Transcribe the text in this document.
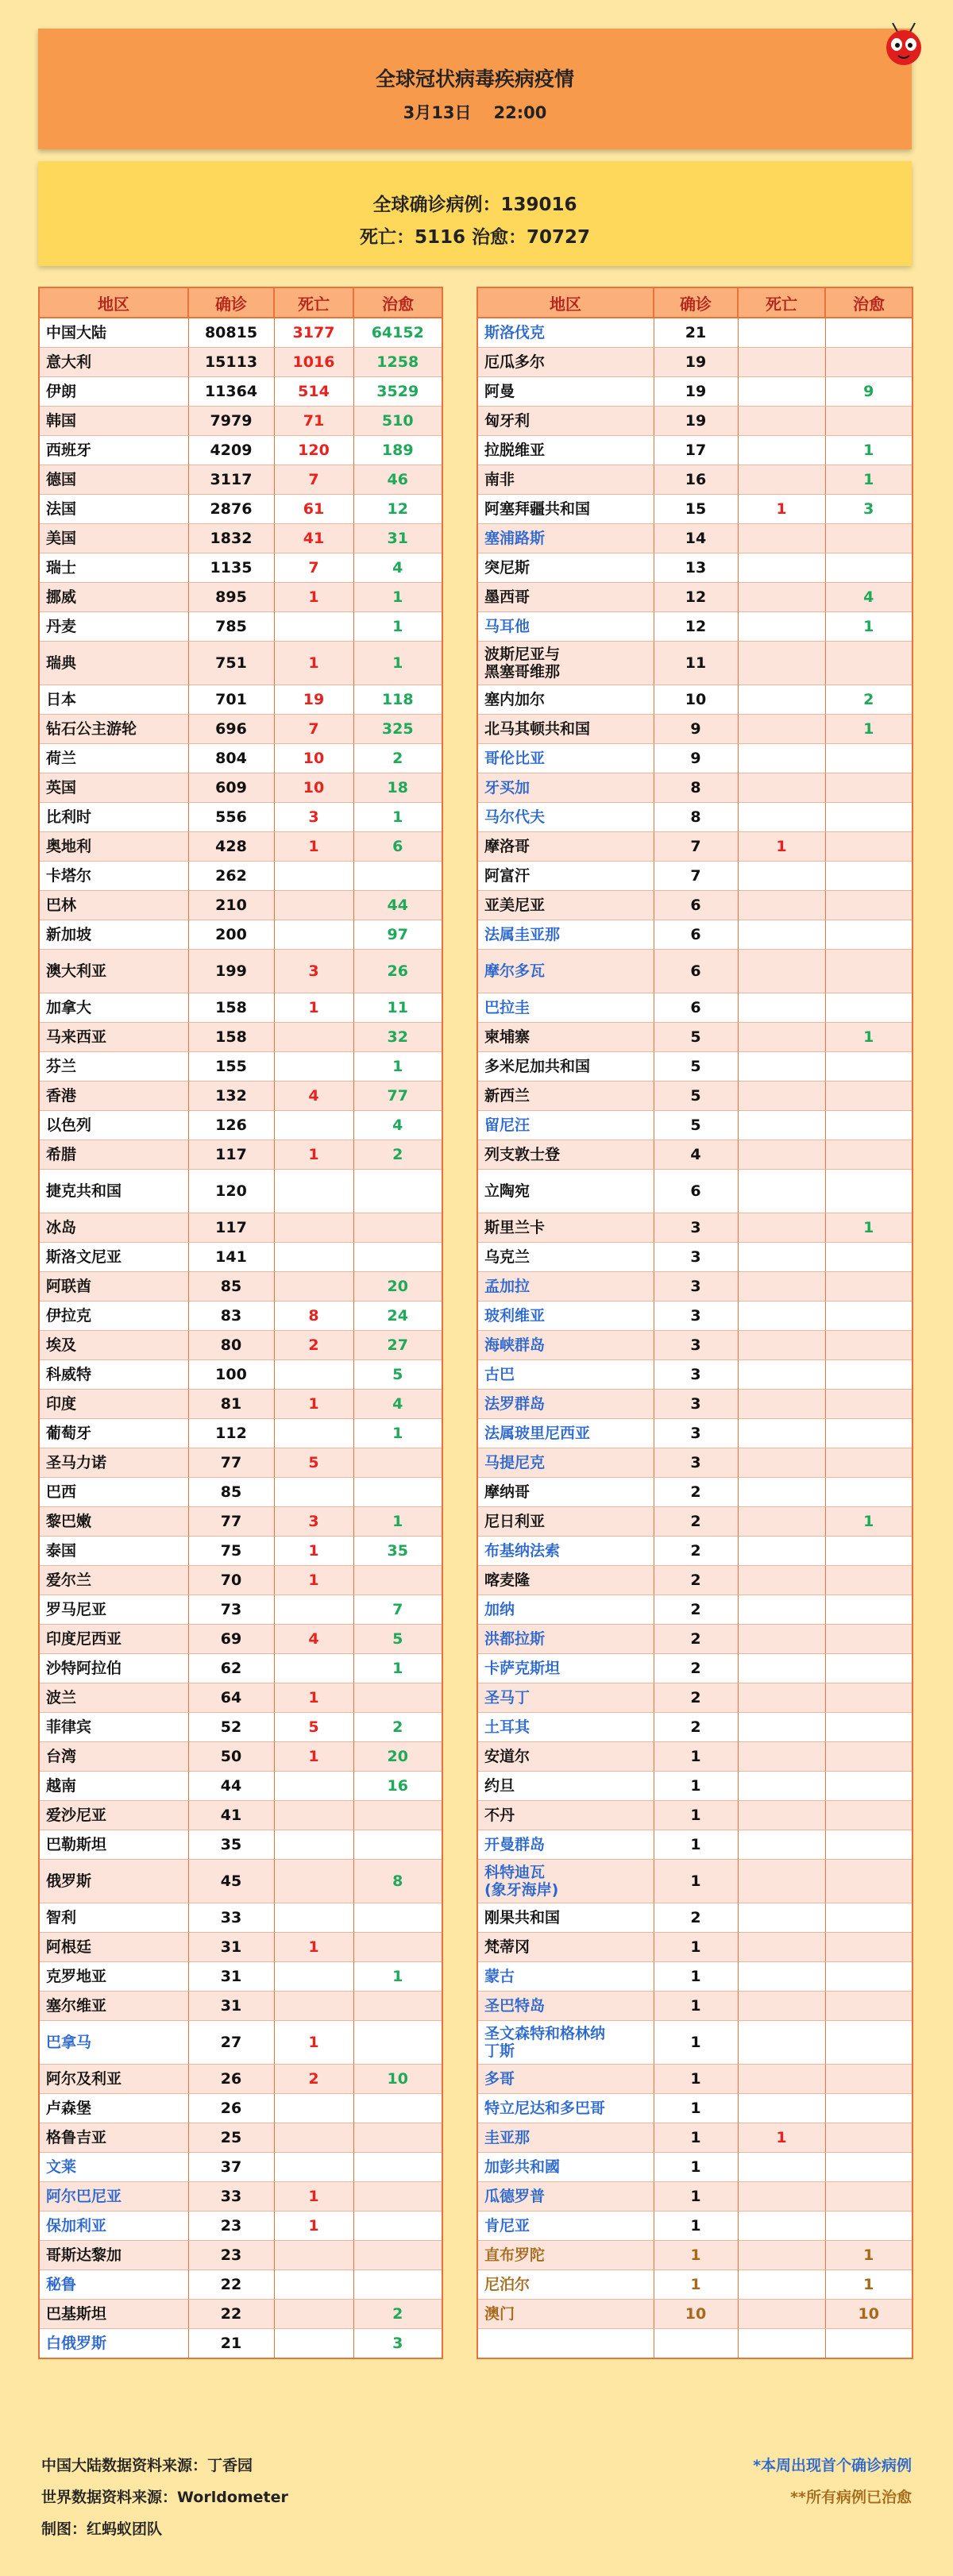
全球冠状病毒疾病疫情
3月13日 22:00
全球确诊病例：139016
死亡：5116 治愈：70727
地区	确诊	死亡	治愈
中国大陆	80815	3177	64152
意大利	15113	1016	1258
伊朗	11364	514	3529
韩国	7979	71	510
西班牙	4209	120	189
德国	3117	7	46
法国	2876	61	12
美国	1832	41	31
瑞士	1135	7	4
挪威	895	1	1
丹麦	785		1
瑞典	751	1	1
日本	701	19	118
钻石公主游轮	696	7	325
荷兰	804	10	2
英国	609	10	18
比利时	556	3	1
奥地利	428	1	6
卡塔尔	262		
巴林	210		44
新加坡	200		97
澳大利亚	199	3	26
加拿大	158	1	11
马来西亚	158		32
芬兰	155		1
香港	132	4	77
以色列	126		4
希腊	117	1	2
捷克共和国	120		
冰岛	117		
斯洛文尼亚	141		
阿联酋	85		20
伊拉克	83	8	24
埃及	80	2	27
科威特	100		5
印度	81	1	4
葡萄牙	112		1
圣马力诺	77	5	
巴西	85		
黎巴嫩	77	3	1
泰国	75	1	35
爱尔兰	70	1	
罗马尼亚	73		7
印度尼西亚	69	4	5
沙特阿拉伯	62		1
波兰	64	1	
菲律宾	52	5	2
台湾	50	1	20
越南	44		16
爱沙尼亚	41		
巴勒斯坦	35		
俄罗斯	45		8
智利	33		
阿根廷	31	1	
克罗地亚	31		1
塞尔维亚	31		
巴拿马	27	1	
阿尔及利亚	26	2	10
卢森堡	26		
格鲁吉亚	25		
文莱	37		
阿尔巴尼亚	33	1	
保加利亚	23	1	
哥斯达黎加	23		
秘鲁	22		
巴基斯坦	22		2
白俄罗斯	21		3
地区	确诊	死亡	治愈
斯洛伐克	21		
厄瓜多尔	19		
阿曼	19		9
匈牙利	19		
拉脱维亚	17		1
南非	16		1
阿塞拜疆共和国	15	1	3
塞浦路斯	14		
突尼斯	13		
墨西哥	12		4
马耳他	12		1
波斯尼亚与
黑塞哥维那	11		
塞内加尔	10		2
北马其顿共和国	9		1
哥伦比亚	9		
牙买加	8		
马尔代夫	8		
摩洛哥	7	1	
阿富汗	7		
亚美尼亚	6		
法属圭亚那	6		
摩尔多瓦	6		
巴拉圭	6		
柬埔寨	5		1
多米尼加共和国	5		
新西兰	5		
留尼汪	5		
列支敦士登	4		
立陶宛	6		
斯里兰卡	3		1
乌克兰	3		
孟加拉	3		
玻利维亚	3		
海峡群岛	3		
古巴	3		
法罗群岛	3		
法属玻里尼西亚	3		
马提尼克	3		
摩纳哥	2		
尼日利亚	2		1
布基纳法索	2		
喀麦隆	2		
加纳	2		
洪都拉斯	2		
卡萨克斯坦	2		
圣马丁	2		
土耳其	2		
安道尔	1		
约旦	1		
不丹	1		
开曼群岛	1		
科特迪瓦
(象牙海岸)	1		
刚果共和国	2		
梵蒂冈	1		
蒙古	1		
圣巴特岛	1		
圣文森特和格林纳
丁斯	1		
多哥	1		
特立尼达和多巴哥	1		
圭亚那	1	1	
加彭共和國	1		
瓜德罗普	1		
肯尼亚	1		
直布罗陀	1		1
尼泊尔	1		1
澳门	10		10

中国大陆数据资料来源：丁香园
世界数据资料来源：Worldometer
制图：红蚂蚁团队
*本周出现首个确诊病例
**所有病例已治愈
